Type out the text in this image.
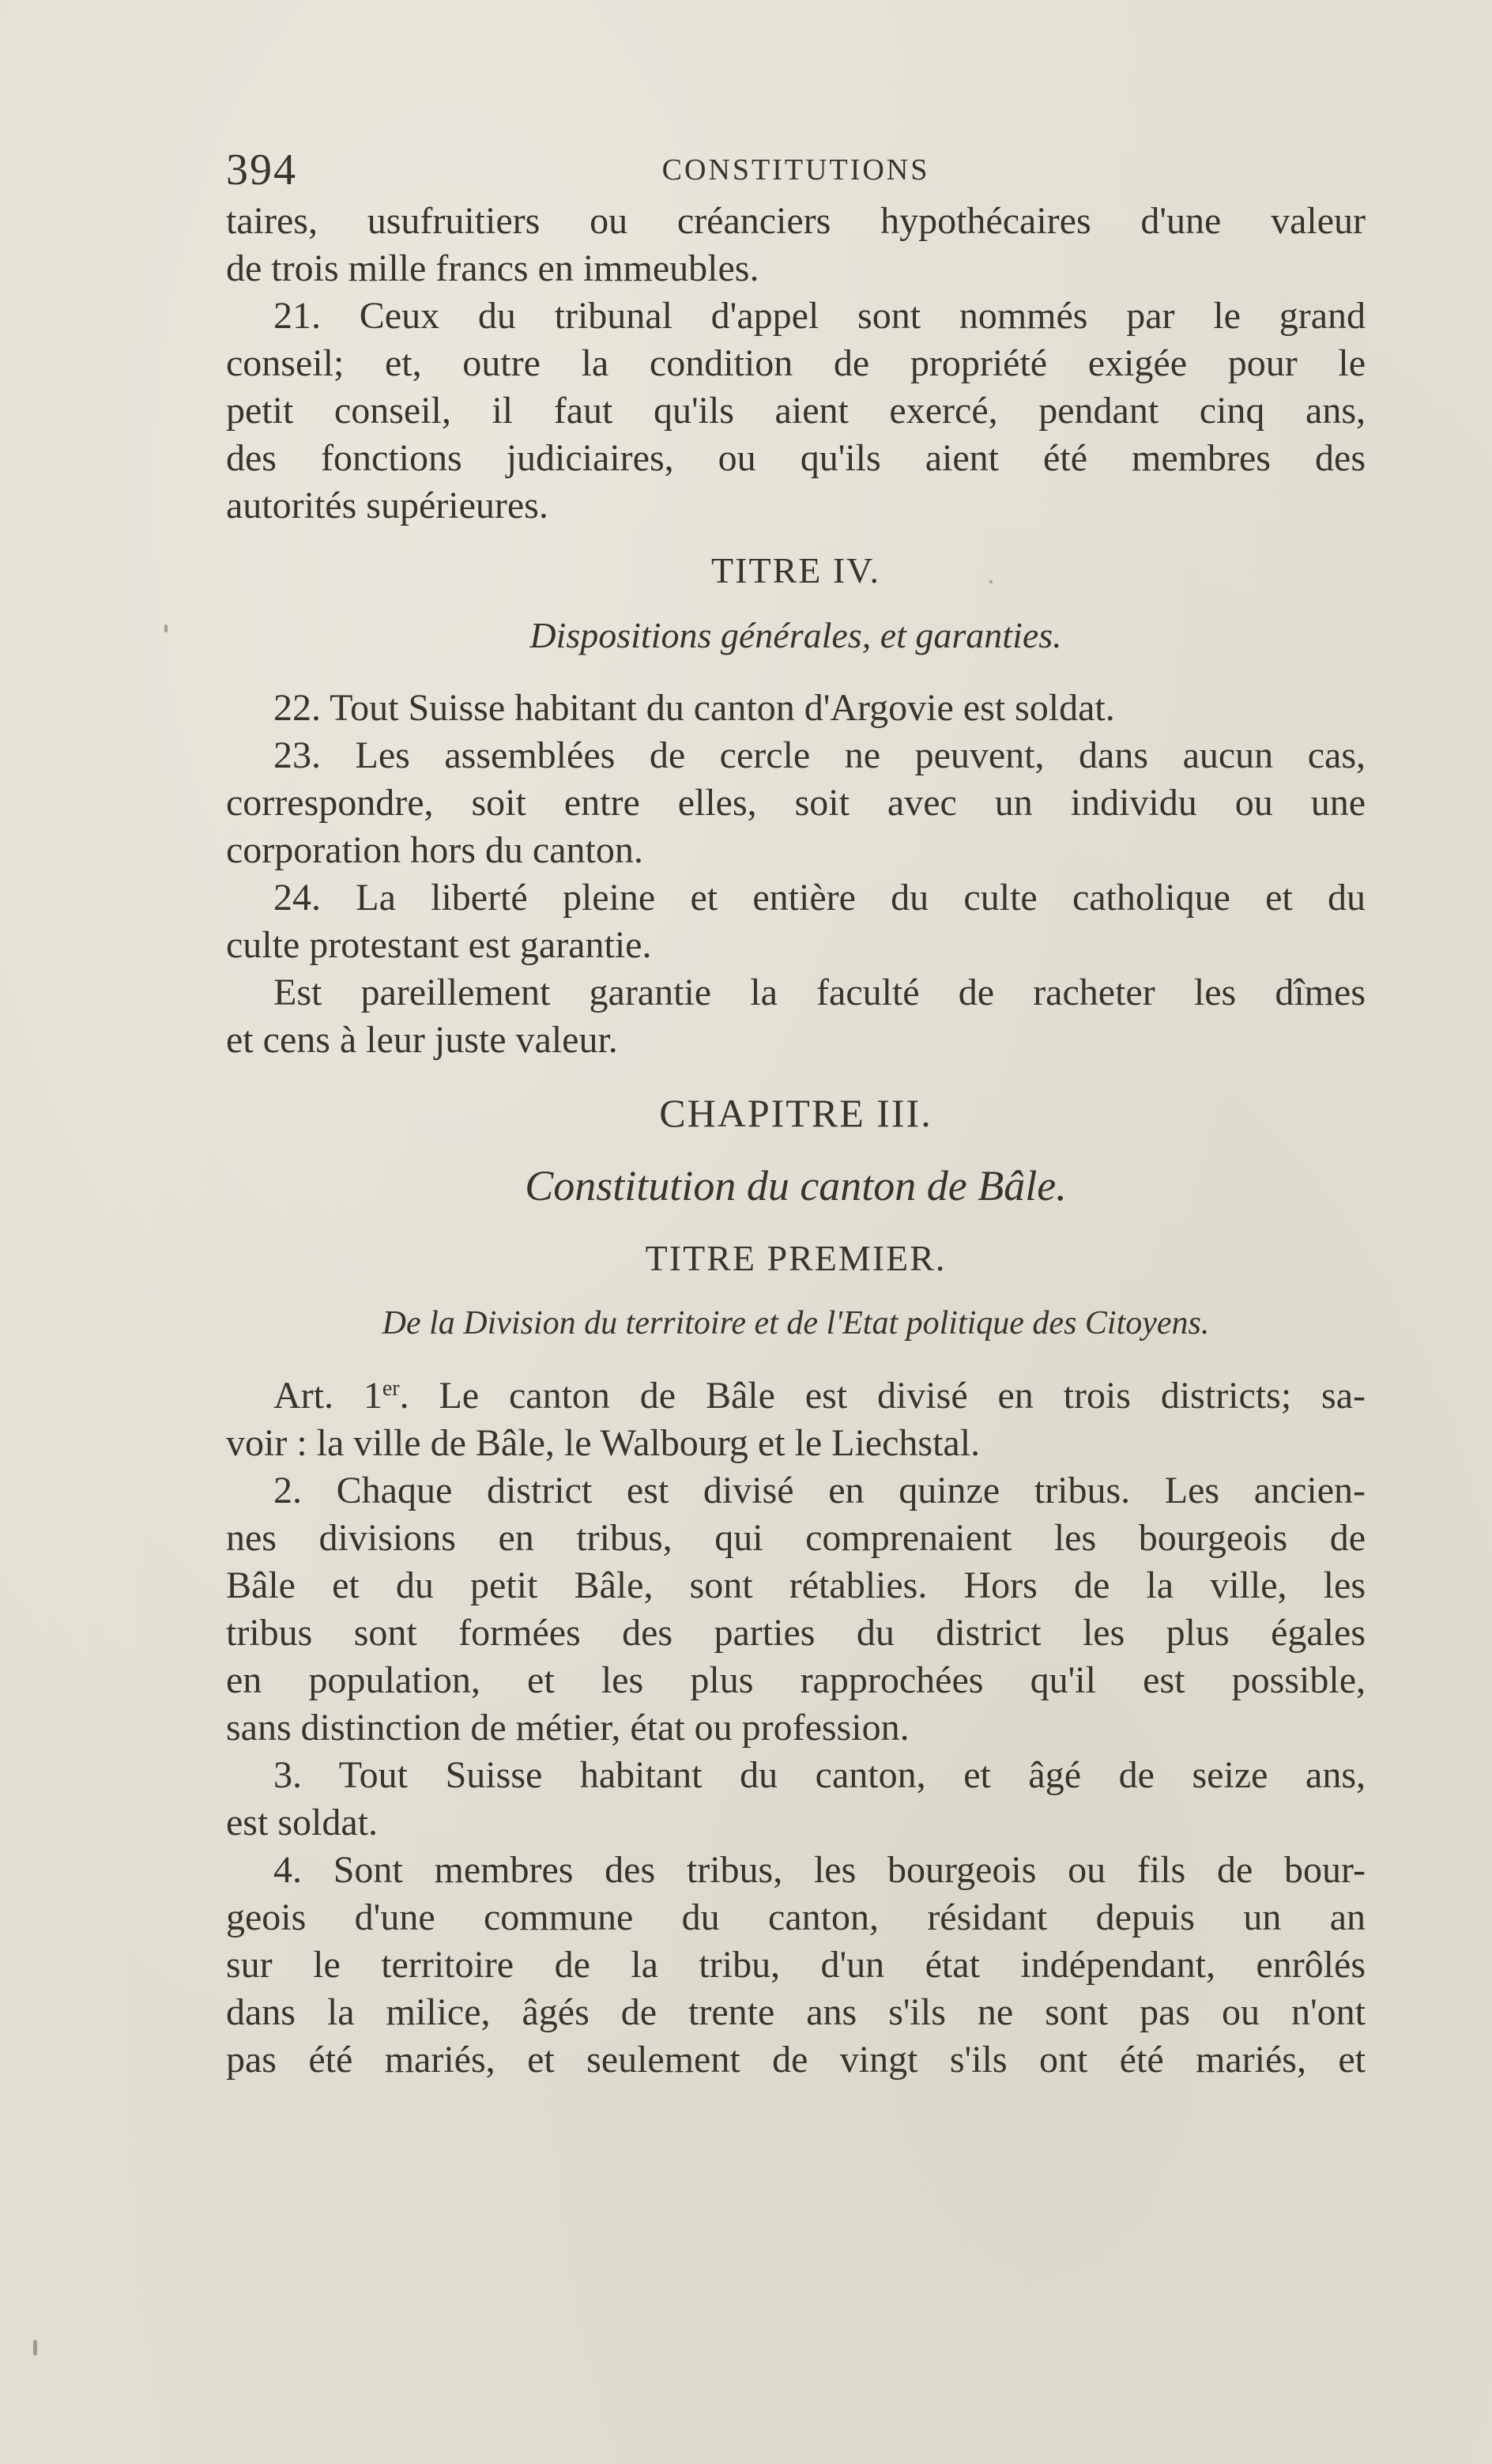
394	CONSTITUTIONS
taires, usufruitiers ou créanciers hypothécaires d'une valeur
de trois mille francs en immeubles.
21. Ceux du tribunal d'appel sont nommés par le grand
conseil; et, outre la condition de propriété exigée pour le
petit conseil, il faut qu'ils aient exercé, pendant cinq ans,
des fonctions judiciaires, ou qu'ils aient été membres des
autorités supérieures.
TITRE IV.
Dispositions générales, et garanties.
22. Tout Suisse habitant du canton d'Argovie est soldat.
23. Les assemblées de cercle ne peuvent, dans aucun cas,
correspondre, soit entre elles, soit avec un individu ou une
corporation hors du canton.
24. La liberté pleine et entière du culte catholique et du
culte protestant est garantie.
Est pareillement garantie la faculté de racheter les dîmes
et cens à leur juste valeur.
CHAPITRE III.
Constitution du canton de Bâle.
TITRE PREMIER.
De la Division du territoire et de l'Etat politique des Citoyens.
Art. 1er. Le canton de Bâle est divisé en trois districts; sa-
voir : la ville de Bâle, le Walbourg et le Liechstal.
2. Chaque district est divisé en quinze tribus. Les ancien-
nes divisions en tribus, qui comprenaient les bourgeois de
Bâle et du petit Bâle, sont rétablies. Hors de la ville, les
tribus sont formées des parties du district les plus égales
en population, et les plus rapprochées qu'il est possible,
sans distinction de métier, état ou profession.
3. Tout Suisse habitant du canton, et âgé de seize ans,
est soldat.
4. Sont membres des tribus, les bourgeois ou fils de bour-
geois d'une commune du canton, résidant depuis un an
sur le territoire de la tribu, d'un état indépendant, enrôlés
dans la milice, âgés de trente ans s'ils ne sont pas ou n'ont
pas été mariés, et seulement de vingt s'ils ont été mariés, et
